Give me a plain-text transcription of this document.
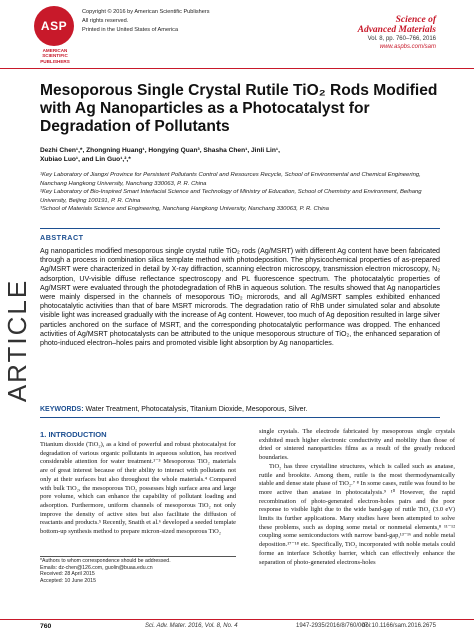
ASP
AMERICAN
SCIENTIFIC
PUBLISHERS
Copyright © 2016 by American Scientific Publishers
All rights reserved.
Printed in the United States of America
Science of
Advanced Materials
Vol. 8, pp. 760–766, 2016
www.aspbs.com/sam
ARTICLE
Mesoporous Single Crystal Rutile TiO₂ Rods Modified with Ag Nanoparticles as a Photocatalyst for Degradation of Pollutants
Dezhi Chen¹,*, Zhongning Huang¹, Hongying Quan³, Shasha Chen¹, Jinli Lin¹,
Xubiao Luo¹, and Lin Guo¹,²,*
¹Key Laboratory of Jiangxi Province for Persistent Pollutants Control and Resources Recycle, School of Environmental and Chemical Engineering, Nanchang Hangkong University, Nanchang 330063, P. R. China
²Key Laboratory of Bio-Inspired Smart Interfacial Science and Technology of Ministry of Education, School of Chemistry and Environment, Beihang University, Beijing 100191, P. R. China
³School of Materials Science and Engineering, Nanchang Hangkong University, Nanchang 330063, P. R. China
ABSTRACT

Ag nanoparticles modified mesoporous single crystal rutile TiO₂ rods (Ag/MSRT) with different Ag content have been fabricated through a process in combination silica template method with photodeposition. The physicochemical properties of as-prepared Ag/MSRT were characterized in detail by X-ray diffraction, scanning electron microscopy, transmission electron microscopy, N₂ adsorption, UV-visible diffuse reflectance spectroscopy and PL fluorescence spectrum. The photocatalytic properties of Ag/MSRT were evaluated through the photodegradation of RhB in aqueous solution. The results showed that Ag nanoparticles were mainly dispersed in the channels of mesoporous TiO₂ microrods, and all Ag/MSRT samples exhibited enhanced photocatalytic activities than that of bare MSRT microrods. The degradation ratio of RhB under simulated solar and absolute visible light was increased gradually with the increase of Ag content. However, too much of Ag deposition resulted in large silver particles anchored on the surface of MSRT, and the corresponding photocatalytic performance was dropped. The enhanced activities of Ag/MSRT photocatalysts can be attributed to the unique mesoporous structure of TiO₂, the enhanced separation of photo-induced electron–holes pairs and promoted visible light absorption by Ag nanoparticles.

KEYWORDS: Water Treatment, Photocatalysis, Titanium Dioxide, Mesoporous, Silver.
1. INTRODUCTION

Titanium dioxide (TiO₂), as a kind of powerful and robust photocatalyst for degradation of various organic pollutants in aqueous solution, has received considerable attention for water treatment.¹⁻³ Mesoporous TiO₂ materials are of great interest because of their ability to interact with pollutants not only at their surfaces but also throughout the whole materials.⁴ Compared with bulk TiO₂, the mesoporous TiO₂ possesses high surface area and large pore volume, which can enhance the capability of pollutant loading and adsorption. Furthermore, uniform channels of mesoporous TiO₂ not only improve the density of active sites but also facilitate the diffusion of reactants and products.⁵ Recently, Snaith et al.⁶ developed a seeded template bottom-up synthesis method to prepare micron-sized mesoporous TiO₂

single crystals. The electrode fabricated by mesoporous single crystals exhibited much higher electronic conductivity and mobility than those of dried or sintered nanoparticles films as a result of the greatly reduced boundaries.

TiO₂ has three crystalline structures, which is called such as anatase, rutile and brookite. Among them, rutile is the most thermodynamically stable and dense state phase of TiO₂.⁷ ⁸ In some cases, rutile was found to be more active than anatase in photocatalysis.⁹ ¹⁰ However, the rapid recombination of photo-generated electron-holes pairs and the poor response to visible light due to the wide band-gap of rutile TiO₂ (3.0 eV) limits its further applications. Many studies have been attempted to solve these problems, such as doping some metal or nonmetal elements,⁸ ¹¹⁻¹² coupling some semiconductors with narrow band-gap,¹³⁻¹⁶ and noble metal deposition.¹⁷⁻¹⁸ etc. Specifically, TiO₂ incorporated with noble metals could forme an interface Schottky barrier, which can effectively enhance the separation of photo-generated electrons-holes

*Authors to whom correspondence should be addressed.
Emails: dz-chen@126.com, guolin@buaa.edu.cn
Received: 28 April 2015
Accepted: 10 June 2015
760	Sci. Adv. Mater. 2016, Vol. 8, No. 4	1947-2935/2016/8/760/007
doi:10.1166/sam.2016.2675
